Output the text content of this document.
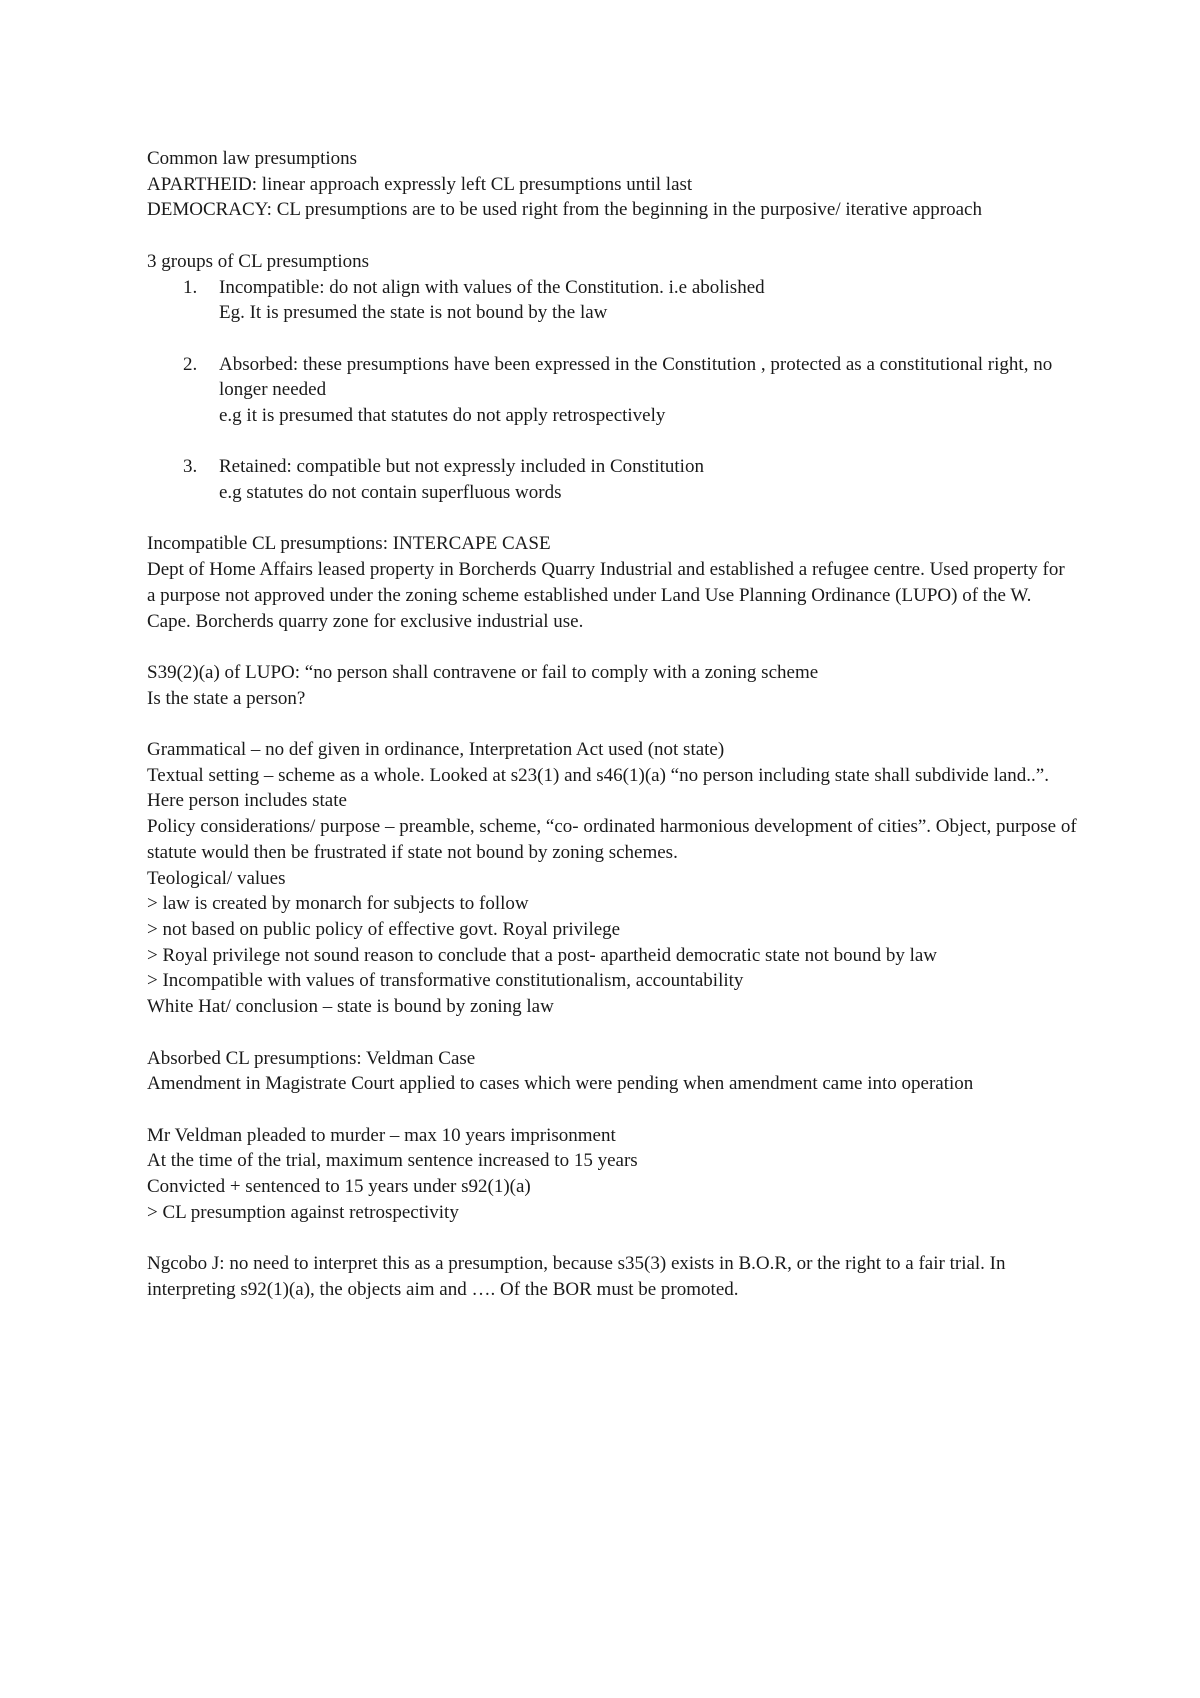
Common law presumptions
APARTHEID: linear approach expressly left CL presumptions until last
DEMOCRACY: CL presumptions are to be used right from the beginning in the purposive/ iterative approach
3 groups of CL presumptions
1. Incompatible: do not align with values of the Constitution. i.e abolished
Eg. It is presumed the state is not bound by the law
2. Absorbed: these presumptions have been expressed in the Constitution , protected as a constitutional right, no longer needed
e.g it is presumed that statutes do not apply retrospectively
3. Retained: compatible but not expressly included in Constitution
e.g statutes do not contain superfluous words
Incompatible CL presumptions: INTERCAPE CASE
Dept of Home Affairs leased property in Borcherds Quarry Industrial and established a refugee centre. Used property for a purpose not approved under the zoning scheme established under Land Use Planning Ordinance (LUPO) of the W. Cape. Borcherds quarry zone for exclusive industrial use.
S39(2)(a) of LUPO: “no person shall contravene or fail to comply with a zoning scheme
Is the state a person?
Grammatical – no def given in ordinance, Interpretation Act used (not state)
Textual setting – scheme as a whole. Looked at s23(1) and s46(1)(a) “no person including state shall subdivide land..”. Here person includes state
Policy considerations/ purpose – preamble, scheme, “co- ordinated harmonious development of cities”. Object, purpose of statute would then be frustrated if state not bound by zoning schemes.
Teological/ values
> law is created by monarch for subjects to follow
> not based on public policy of effective govt. Royal privilege
> Royal privilege not sound reason to conclude that a post- apartheid democratic state not bound by law
> Incompatible with values of transformative constitutionalism, accountability
White Hat/ conclusion – state is bound by zoning law
Absorbed CL presumptions: Veldman Case
Amendment in Magistrate Court applied to cases which were pending when amendment came into operation
Mr Veldman pleaded to murder – max 10 years imprisonment
At the time of the trial, maximum sentence increased to 15 years
Convicted + sentenced to 15 years under s92(1)(a)
> CL presumption against retrospectivity
Ngcobo J: no need to interpret this as a presumption, because s35(3) exists in B.O.R, or the right to a fair trial. In interpreting s92(1)(a), the objects aim and …. Of the BOR must be promoted.
